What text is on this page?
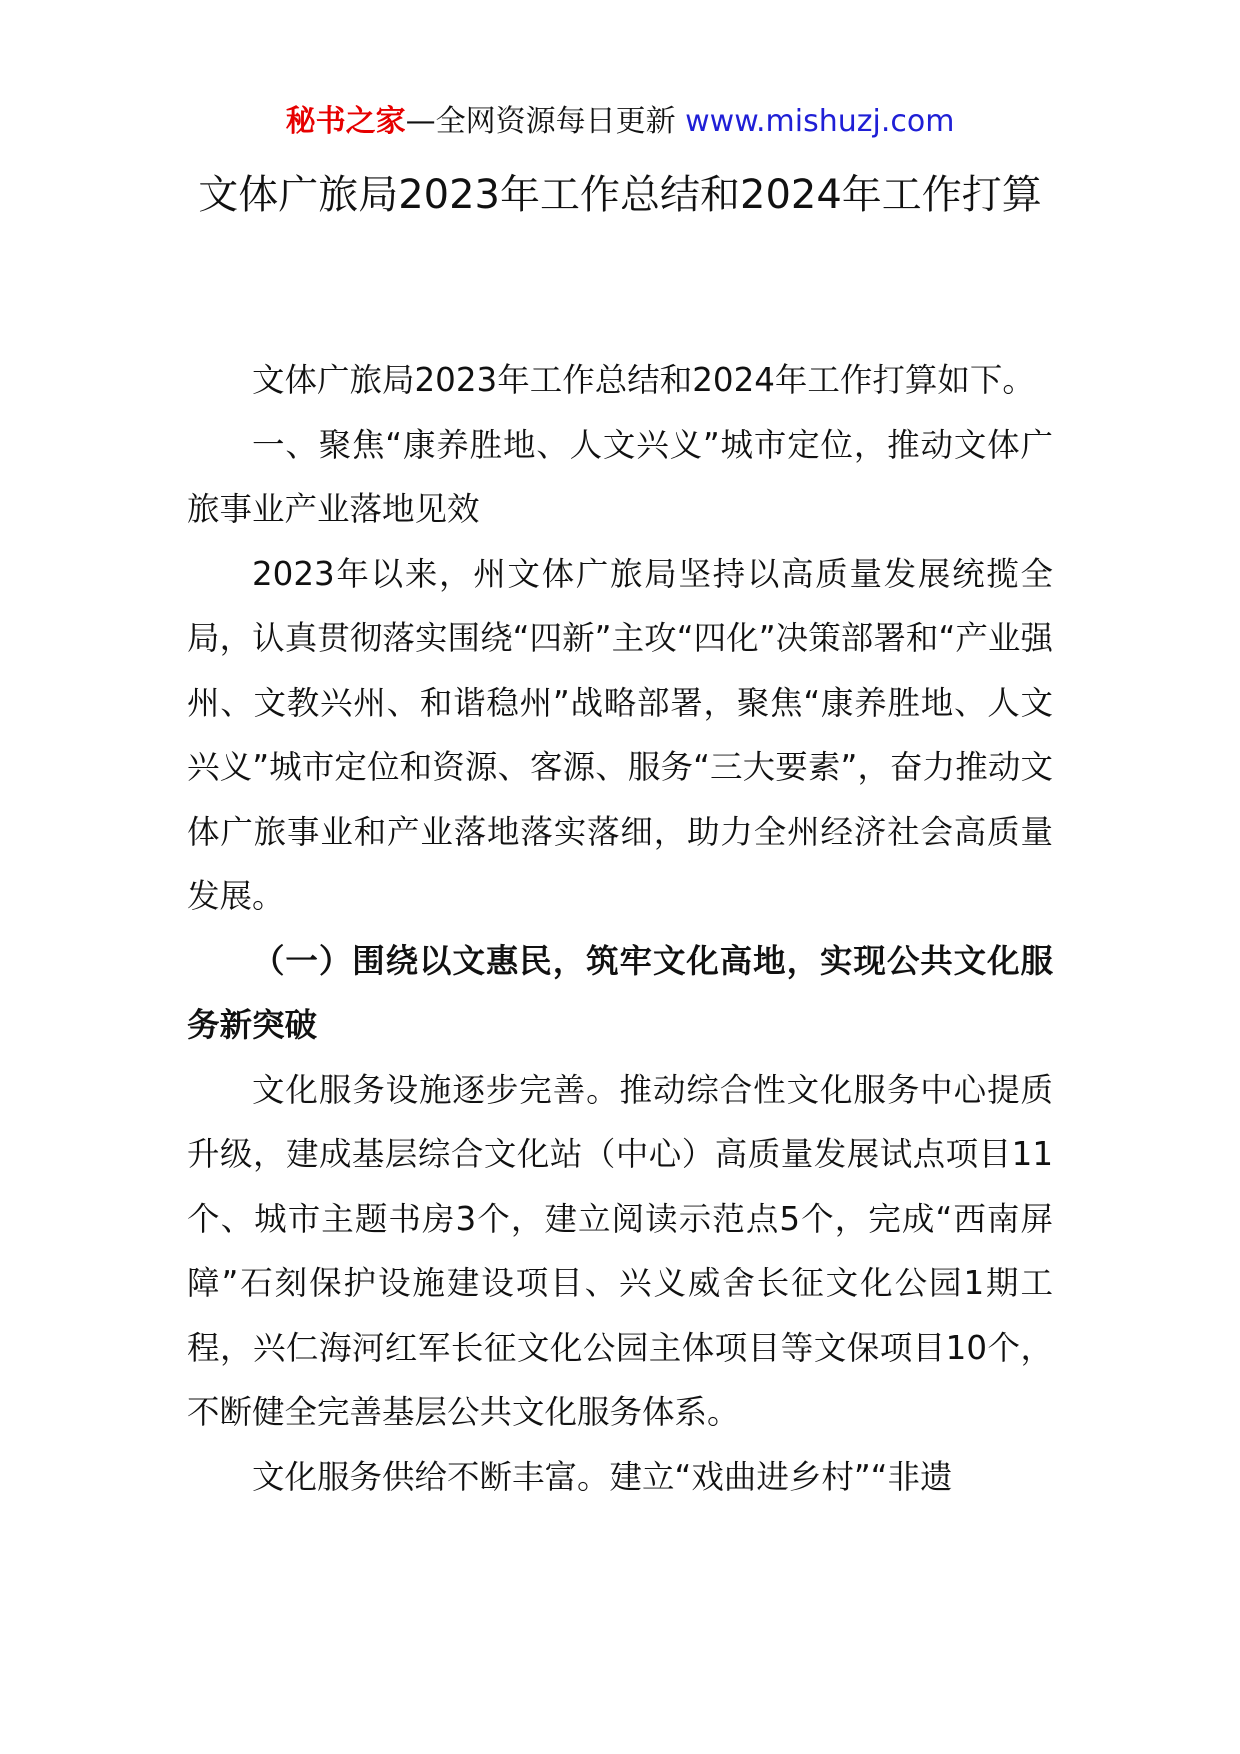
秘书之家—全网资源每日更新 www.mishuzj.com
文体广旅局2023年工作总结和2024年工作打算

文体广旅局2023年工作总结和2024年工作打算如下。

一、聚焦“康养胜地、人文兴义”城市定位，推动文体广旅事业产业落地见效

2023年以来，州文体广旅局坚持以高质量发展统揽全局，认真贯彻落实围绕“四新”主攻“四化”决策部署和“产业强州、文教兴州、和谐稳州”战略部署，聚焦“康养胜地、人文兴义”城市定位和资源、客源、服务“三大要素”，奋力推动文体广旅事业和产业落地落实落细，助力全州经济社会高质量发展。

（一）围绕以文惠民，筑牢文化高地，实现公共文化服务新突破

文化服务设施逐步完善。推动综合性文化服务中心提质升级，建成基层综合文化站（中心）高质量发展试点项目11个、城市主题书房3个，建立阅读示范点5个，完成“西南屏障”石刻保护设施建设项目、兴义威舍长征文化公园1期工程，兴仁海河红军长征文化公园主体项目等文保项目10个，不断健全完善基层公共文化服务体系。

文化服务供给不断丰富。建立“戏曲进乡村”“非遗
